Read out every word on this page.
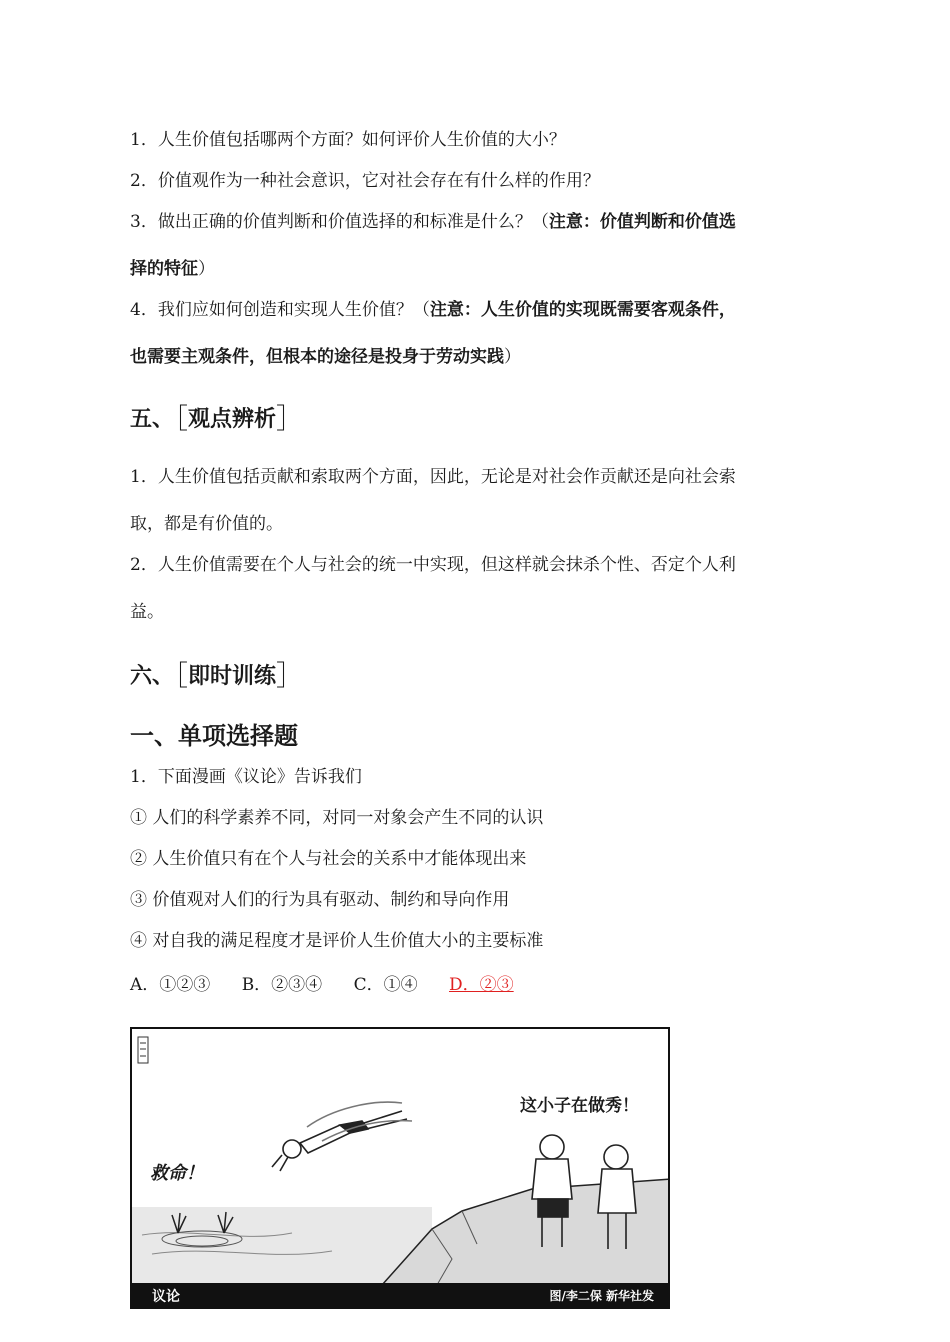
1．人生价值包括哪两个方面？如何评价人生价值的大小？

2．价值观作为一种社会意识，它对社会存在有什么样的作用？

3．做出正确的价值判断和价值选择的和标准是什么？（注意：价值判断和价值选

择的特征）

4．我们应如何创造和实现人生价值？（注意：人生价值的实现既需要客观条件，

也需要主观条件，但根本的途径是投身于劳动实践）

五、［观点辨析］

1．人生价值包括贡献和索取两个方面，因此，无论是对社会作贡献还是向社会索

取，都是有价值的。

2．人生价值需要在个人与社会的统一中实现，但这样就会抹杀个性、否定个人利

益。

六、［即时训练］
一、单项选择题

1．下面漫画《议论》告诉我们

① 人们的科学素养不同，对同一对象会产生不同的认识

② 人生价值只有在个人与社会的关系中才能体现出来

③ 价值观对人们的行为具有驱动、制约和导向作用

④ 对自我的满足程度才是评价人生价值大小的主要标准

A．①②③ B．②③④ C．①④ D．②③
这小子在做秀！
救命！
议论	图/李二保 新华社发
